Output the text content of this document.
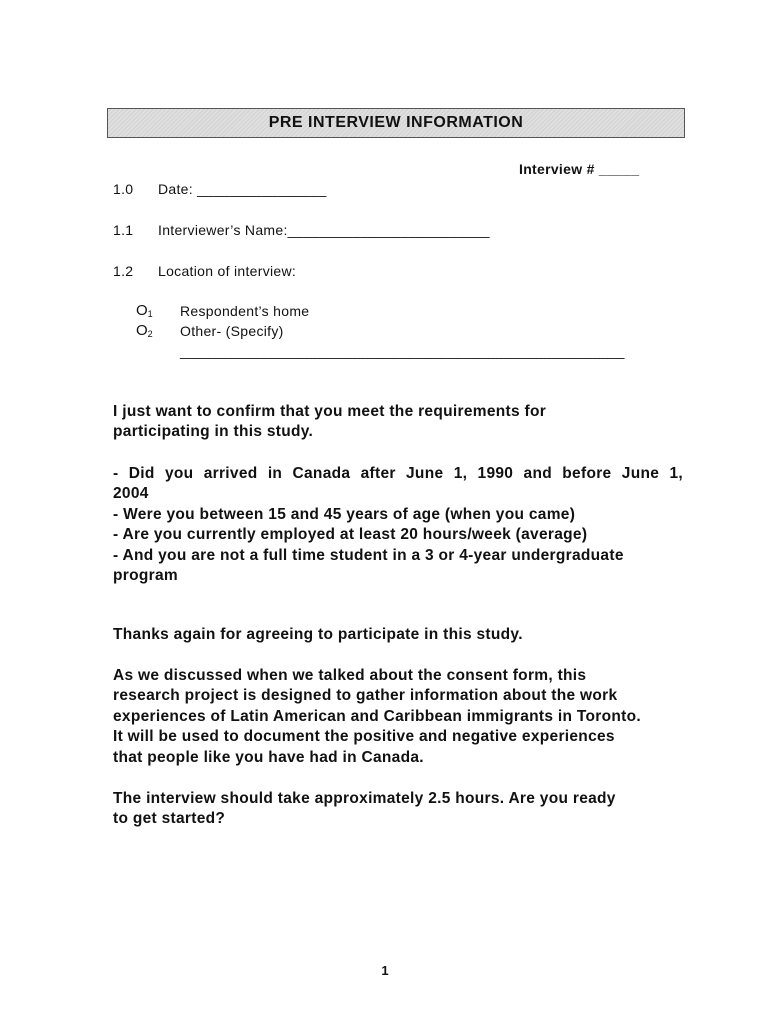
PRE INTERVIEW INFORMATION
Interview # _____
1.0 Date: ________________
1.1 Interviewer’s Name:_________________________
1.2 Location of interview:
$O_1$ Respondent’s home
$O_2$ Other- (Specify)
_______________________________________________________
I just want to confirm that you meet the requirements for
participating in this study.
- Did you arrived in Canada after June 1, 1990 and before June 1,
2004
- Were you between 15 and 45 years of age (when you came)
- Are you currently employed at least 20 hours/week (average)
- And you are not a full time student in a 3 or 4-year undergraduate
program
Thanks again for agreeing to participate in this study.
As we discussed when we talked about the consent form, this
research project is designed to gather information about the work
experiences of Latin American and Caribbean immigrants in Toronto.
It will be used to document the positive and negative experiences
that people like you have had in Canada.
The interview should take approximately 2.5 hours. Are you ready
to get started?
1
